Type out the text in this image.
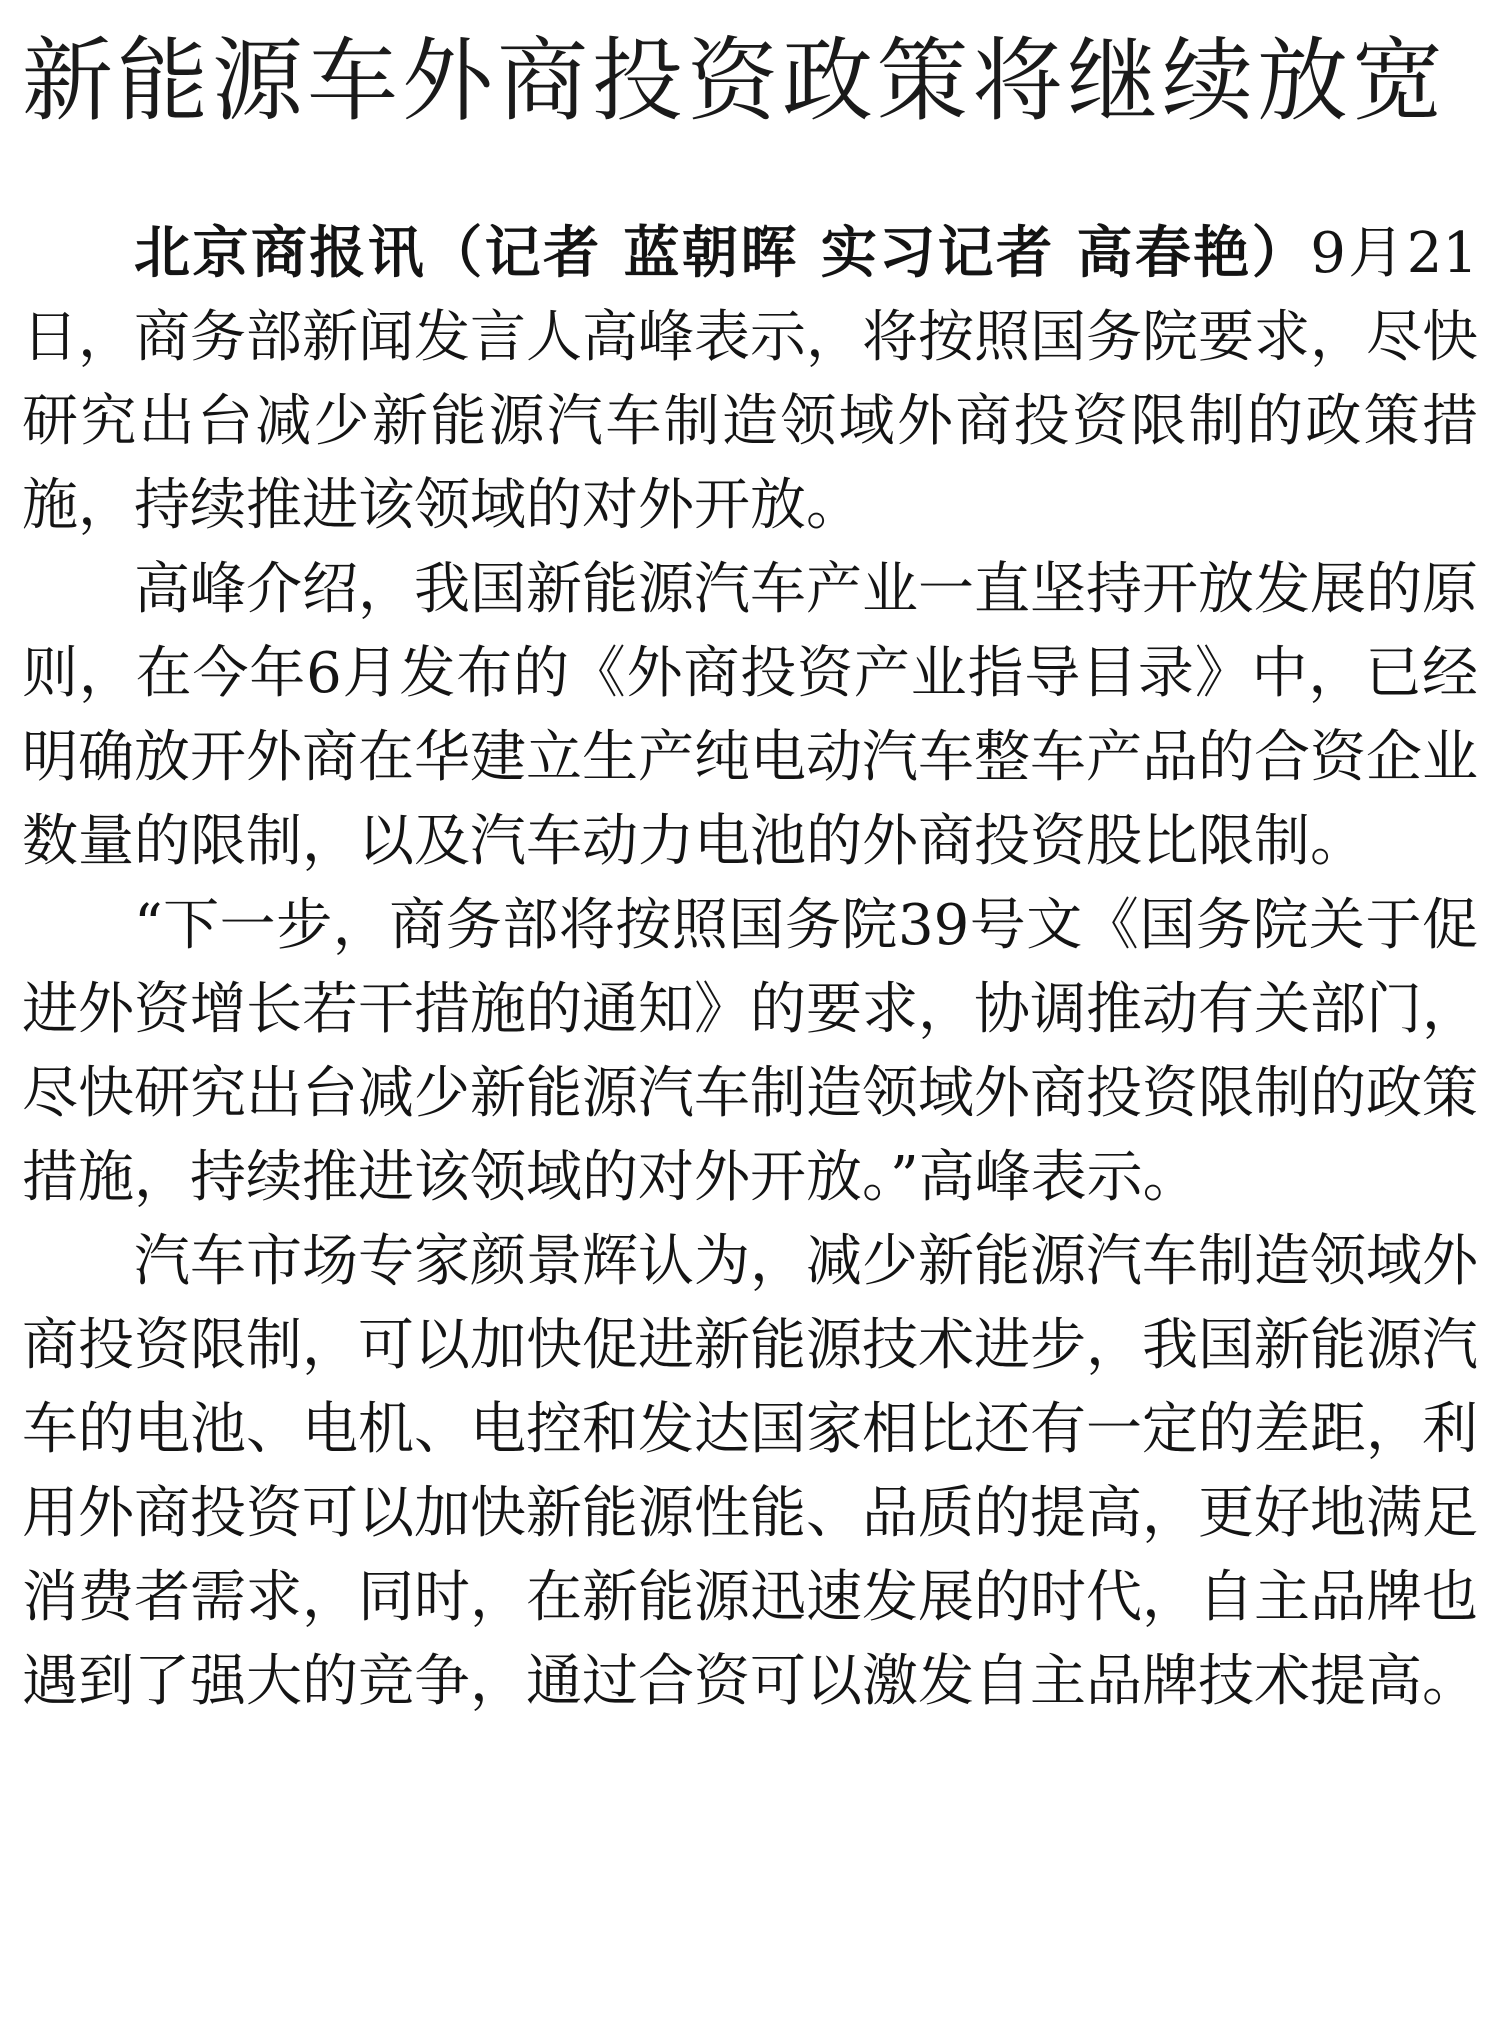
新能源车外商投资政策将继续放宽

北京商报讯（记者 蓝朝晖 实习记者 高春艳）9月21日，商务部新闻发言人高峰表示，将按照国务院要求，尽快研究出台减少新能源汽车制造领域外商投资限制的政策措施，持续推进该领域的对外开放。

高峰介绍，我国新能源汽车产业一直坚持开放发展的原则，在今年6月发布的《外商投资产业指导目录》中，已经明确放开外商在华建立生产纯电动汽车整车产品的合资企业数量的限制，以及汽车动力电池的外商投资股比限制。

“下一步，商务部将按照国务院39号文《国务院关于促进外资增长若干措施的通知》的要求，协调推动有关部门，尽快研究出台减少新能源汽车制造领域外商投资限制的政策措施，持续推进该领域的对外开放。”高峰表示。

汽车市场专家颜景辉认为，减少新能源汽车制造领域外商投资限制，可以加快促进新能源技术进步，我国新能源汽车的电池、电机、电控和发达国家相比还有一定的差距，利用外商投资可以加快新能源性能、品质的提高，更好地满足消费者需求，同时，在新能源迅速发展的时代，自主品牌也遇到了强大的竞争，通过合资可以激发自主品牌技术提高。
